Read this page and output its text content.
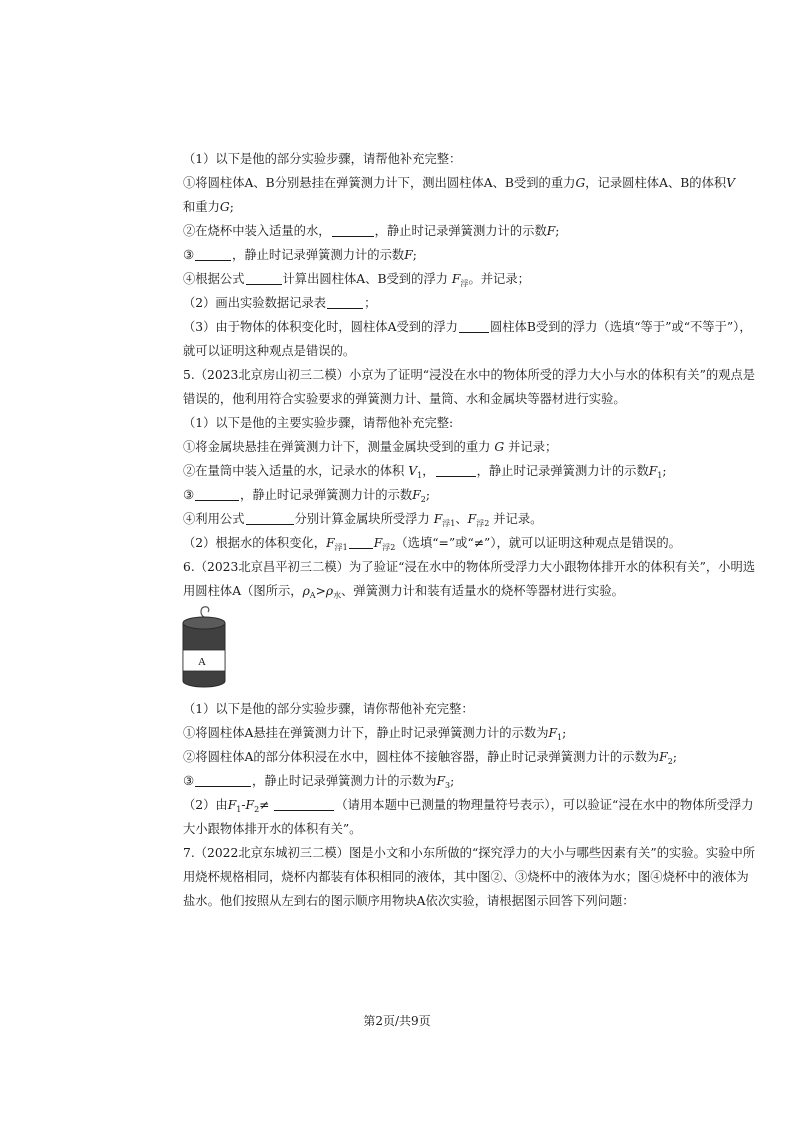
（1）以下是他的部分实验步骤，请帮他补充完整：
①将圆柱体A、B分别悬挂在弹簧测力计下，测出圆柱体A、B受到的重力G，记录圆柱体A、B的体积V
和重力G;
②在烧杯中装入适量的水，	，静止时记录弹簧测力计的示数F;
③	，静止时记录弹簧测力计的示数F;
④根据公式	计算出圆柱体A、B受到的浮力 $F_浮$。并记录；
（2）画出实验数据记录表	；
（3）由于物体的体积变化时，圆柱体A受到的浮力	圆柱体B受到的浮力（选填“等于”或“不等于”），
就可以证明这种观点是错误的。
5.（2023北京房山初三二模）小京为了证明“浸没在水中的物体所受的浮力大小与水的体积有关”的观点是
错误的，他利用符合实验要求的弹簧测力计、量筒、水和金属块等器材进行实验。
（1）以下是他的主要实验步骤，请帮他补充完整:
①将金属块悬挂在弹簧测力计下，测量金属块受到的重力 G 并记录；
②在量筒中装入适量的水，记录水的体积 $V_1$，	，静止时记录弹簧测力计的示数$F_1$;
③	，静止时记录弹簧测力计的示数$F_2$;
④利用公式	分别计算金属块所受浮力 $F_{浮1}$、$F_{浮2}$ 并记录。
（2）根据水的体积变化，$F_{浮1}$ $F_{浮2}$（选填“=”或“≠”），就可以证明这种观点是错误的。
6.（2023北京昌平初三二模）为了验证“浸在水中的物体所受浮力大小跟物体排开水的体积有关”，小明选
用圆柱体A（图所示，$\rho_A>\rho_水$、弹簧测力计和装有适量水的烧杯等器材进行实验。
A
（1）以下是他的部分实验步骤，请你帮他补充完整：
①将圆柱体A悬挂在弹簧测力计下，静止时记录弹簧测力计的示数为$F_1$;
②将圆柱体A的部分体积浸在水中，圆柱体不接触容器，静止时记录弹簧测力计的示数为$F_2$;
③	，静止时记录弹簧测力计的示数为$F_3$;
（2）由$F_1-F_2\ne$	（请用本题中已测量的物理量符号表示），可以验证“浸在水中的物体所受浮力
大小跟物体排开水的体积有关”。
7.（2022北京东城初三二模）图是小文和小东所做的“探究浮力的大小与哪些因素有关”的实验。实验中所
用烧杯规格相同，烧杯内都装有体积相同的液体，其中图②、③烧杯中的液体为水；图④烧杯中的液体为
盐水。他们按照从左到右的图示顺序用物块A依次实验，请根据图示回答下列问题：
第2页/共9页
